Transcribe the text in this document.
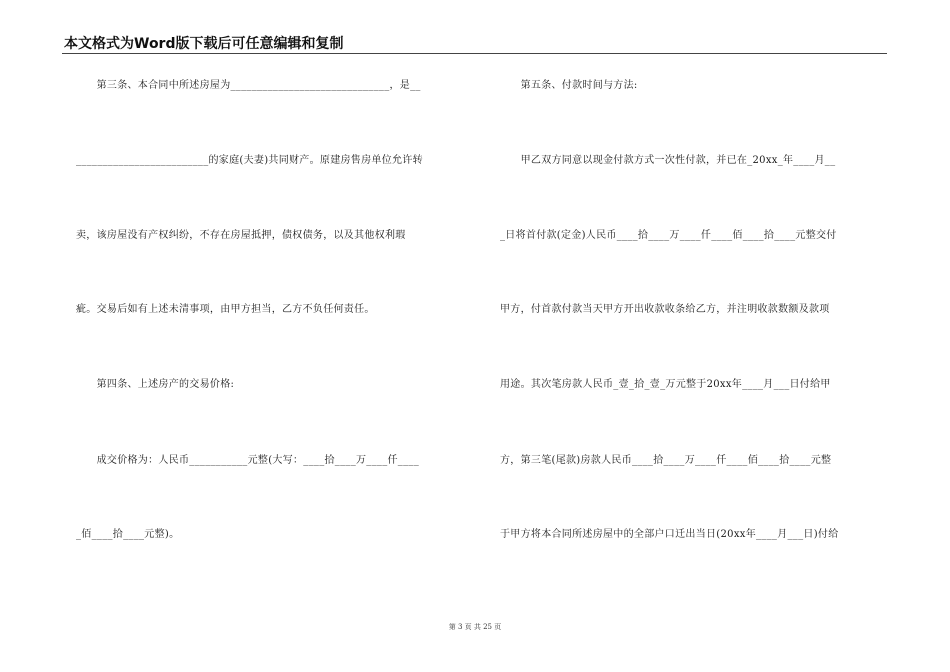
本文格式为Word版下载后可任意编辑和复制
　　第三条、本合同中所述房屋为______________________________，是__
_________________________的家庭(夫妻)共同财产。原建房售房单位允许转
卖，该房屋没有产权纠纷，不存在房屋抵押，债权债务，以及其他权利瑕
疵。交易后如有上述未清事项，由甲方担当，乙方不负任何责任。
　　第四条、上述房产的交易价格:
　　成交价格为：人民币___________元整(大写：____拾____万____仟____
_佰____拾____元整)。
　　第五条、付款时间与方法:
　　甲乙双方同意以现金付款方式一次性付款，并已在_20xx_年____月__
_日将首付款(定金)人民币____拾____万____仟____佰____拾____元整交付
甲方，付首款付款当天甲方开出收款收条给乙方，并注明收款数额及款项
用途。其次笔房款人民币_壹_拾_壹_万元整于20xx年____月___日付给甲
方，第三笔(尾款)房款人民币____拾____万____仟____佰____拾____元整
于甲方将本合同所述房屋中的全部户口迁出当日(20xx年____月___日)付给
第 3 页 共 25 页
